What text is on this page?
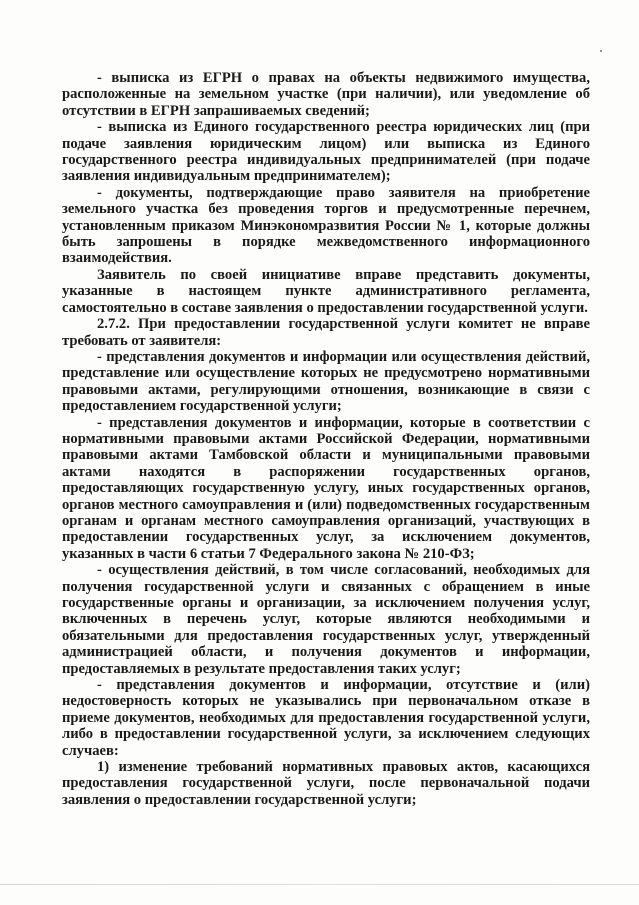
- выписка из ЕГРН о правах на объекты недвижимого имущества, расположенные на земельном участке (при наличии), или уведомление об отсутствии в ЕГРН запрашиваемых сведений;

- выписка из Единого государственного реестра юридических лиц (при подаче заявления юридическим лицом) или выписка из Единого государственного реестра индивидуальных предпринимателей (при подаче заявления индивидуальным предпринимателем);

- документы, подтверждающие право заявителя на приобретение земельного участка без проведения торгов и предусмотренные перечнем, установленным приказом Минэкономразвития России № 1, которые должны быть запрошены в порядке межведомственного информационного взаимодействия.

Заявитель по своей инициативе вправе представить документы, указанные в настоящем пункте административного регламента, самостоятельно в составе заявления о предоставлении государственной услуги.

2.7.2. При предоставлении государственной услуги комитет не вправе требовать от заявителя:

- представления документов и информации или осуществления действий, представление или осуществление которых не предусмотрено нормативными правовыми актами, регулирующими отношения, возникающие в связи с предоставлением государственной услуги;

- представления документов и информации, которые в соответствии с нормативными правовыми актами Российской Федерации, нормативными правовыми актами Тамбовской области и муниципальными правовыми актами находятся в распоряжении государственных органов, предоставляющих государственную услугу, иных государственных органов, органов местного самоуправления и (или) подведомственных государственным органам и органам местного самоуправления организаций, участвующих в предоставлении государственных услуг, за исключением документов, указанных в части 6 статьи 7 Федерального закона № 210-ФЗ;

- осуществления действий, в том числе согласований, необходимых для получения государственной услуги и связанных с обращением в иные государственные органы и организации, за исключением получения услуг, включенных в перечень услуг, которые являются необходимыми и обязательными для предоставления государственных услуг, утвержденный администрацией области, и получения документов и информации, предоставляемых в результате предоставления таких услуг;

- представления документов и информации, отсутствие и (или) недостоверность которых не указывались при первоначальном отказе в приеме документов, необходимых для предоставления государственной услуги, либо в предоставлении государственной услуги, за исключением следующих случаев:

1) изменение требований нормативных правовых актов, касающихся предоставления государственной услуги, после первоначальной подачи заявления о предоставлении государственной услуги;
